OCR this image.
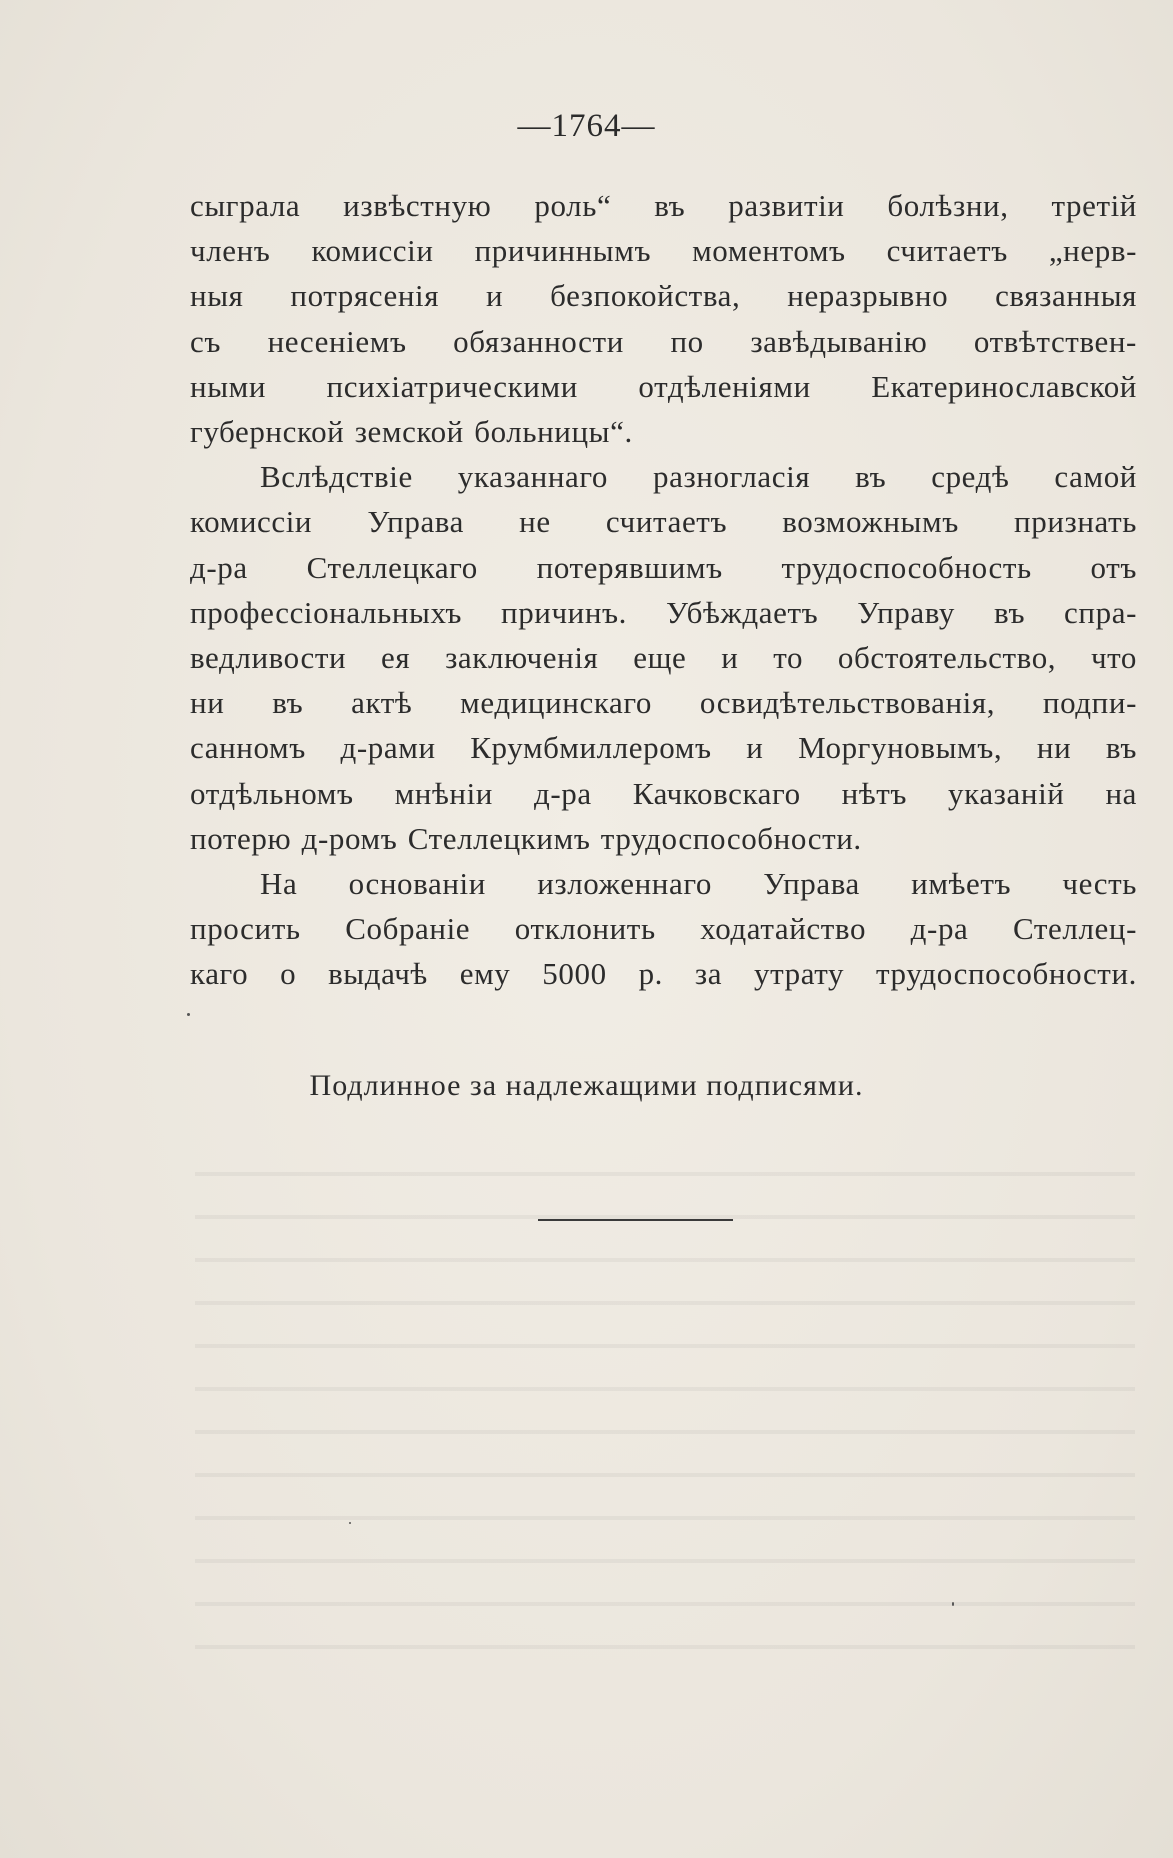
—1764—
сыграла извѣстную роль“ въ развитіи болѣзни, третій
членъ комиссіи причиннымъ моментомъ считаетъ „нерв-
ныя потрясенія и безпокойства, неразрывно связанныя
съ несеніемъ обязанности по завѣдыванію отвѣтствен-
ными психіатрическими отдѣленіями Екатеринославской
губернской земской больницы“.
Вслѣдствіе указаннаго разногласія въ средѣ самой
комиссіи Управа не считаетъ возможнымъ признать
д-ра Стеллецкаго потерявшимъ трудоспособность отъ
профессіональныхъ причинъ. Убѣждаетъ Управу въ спра-
ведливости ея заключенія еще и то обстоятельство, что
ни въ актѣ медицинскаго освидѣтельствованія, подпи-
санномъ д-рами Крумбмиллеромъ и Моргуновымъ, ни въ
отдѣльномъ мнѣніи д-ра Качковскаго нѣтъ указаній на
потерю д-ромъ Стеллецкимъ трудоспособности.
На основаніи изложеннаго Управа имѣетъ честь
просить Собраніе отклонить ходатайство д-ра Стеллец-
каго о выдачѣ ему 5000 р. за утрату трудоспособности.
Подлинное за надлежащими подписями.
